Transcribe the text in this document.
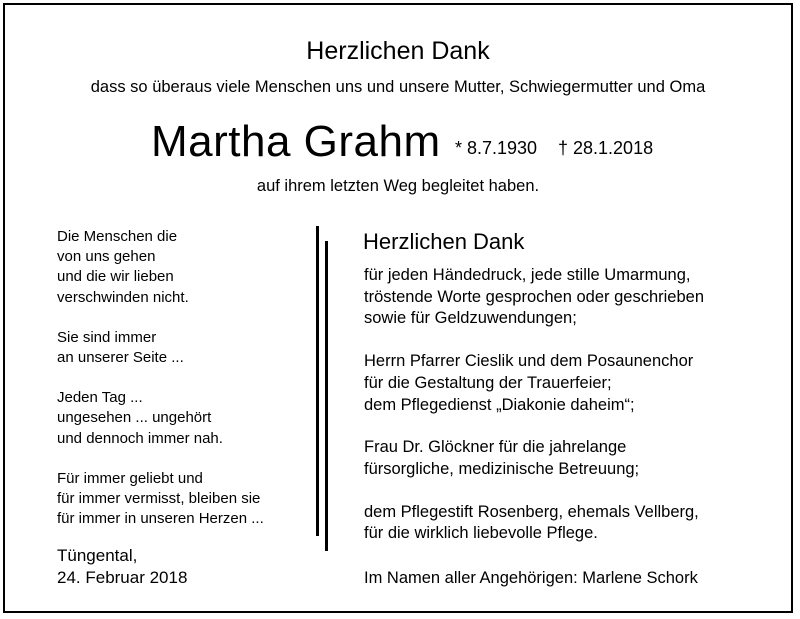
Herzlichen Dank
dass so überaus viele Menschen uns und unsere Mutter, Schwiegermutter und Oma
Martha Grahm * 8.7.1930 † 28.1.2018
auf ihrem letzten Weg begleitet haben.
Die Menschen die
von uns gehen
und die wir lieben
verschwinden nicht.
Sie sind immer
an unserer Seite ...
Jeden Tag ...
ungesehen ... ungehört
und dennoch immer nah.
Für immer geliebt und
für immer vermisst, bleiben sie
für immer in unseren Herzen ...
Herzlichen Dank
für jeden Händedruck, jede stille Umarmung,
tröstende Worte gesprochen oder geschrieben
sowie für Geldzuwendungen;
Herrn Pfarrer Cieslik und dem Posaunenchor
für die Gestaltung der Trauerfeier;
dem Pflegedienst „Diakonie daheim“;
Frau Dr. Glöckner für die jahrelange
fürsorgliche, medizinische Betreuung;
dem Pflegestift Rosenberg, ehemals Vellberg,
für die wirklich liebevolle Pflege.
Tüngental,
24. Februar 2018	Im Namen aller Angehörigen: Marlene Schork
